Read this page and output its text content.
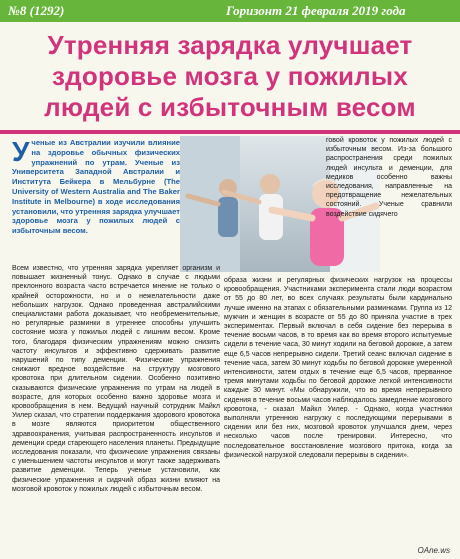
№8 (1292)	Горизонт 21 февраля 2019 года
Утренняя зарядка улучшает здоровье мозга у пожилых людей с избыточным весом
Ученые из Австралии изучили влияние на здоровье обычных физических упражнений по утрам. Ученые из Университета Западной Австралии и Института Бейкера в Мельбурне (The University of Western Australia and The Baker Institute in Melbourne) в ходе исследования установили, что утренняя зарядка улучшает здоровье мозга у пожилых людей с избыточным весом.
говой кровоток у пожилых людей с избыточным весом. Из-за большого распространения среди пожилых людей инсульта и деменции, для медиков особенно важны исследования, направленные на предотвращение нежелательных состояний. Ученые сравнили воздействие сидячего
Всем известно, что утренняя зарядка укрепляет организм и повышает жизненный тонус. Однако в случае с людьми преклонного возраста часто встречается мнение не только о крайней осторожности, но и о нежелательности даже небольших нагрузок. Однако проведенная австралийскими специалистами работа доказывает, что необременительные, но регулярные разминки в утреннее способны улучшить состояние мозга у пожилых людей с лишним весом. Кроме того, благодаря физическим упражнениям можно снизить частоту инсультов и эффективно сдерживать развитие нарушений по типу деменции. Физические упражнения снижают вредное воздействие на структуру мозгового кровотока при длительном сидении. Особенно позитивно сказываются физические упражнения по утрам на людей в возрасте, для которых особенно важно здоровье мозга и кровообращения в нем. Ведущий научный сотрудник Майкл Уилер сказал, что стратегии поддержания здорового кровотока в мозге являются приоритетом общественного здравоохранения, учитывая распространенность инсультов и деменции среди стареющего населения планеты. Предыдущие исследования показали, что физические упражнения связаны с уменьшением частоты инсультов и могут также задерживать развитие деменции. Теперь ученые установили, как физические упражнения и сидячий образ жизни влияют на мозговой кровоток у пожилых людей с избыточным весом.
образа жизни и регулярных физических нагрузок на процессы кровообращения. Участниками эксперимента стали люди возрастом от 55 до 80 лет, во всех случаях результаты были кардинально лучше именно на этапах с обязательными разминками. Группа из 12 мужчин и женщин в возрасте от 55 до 80 приняла участие в трех экспериментах. Первый включал в себя сидение без перерыва в течение восьми часов, в то время как во время второго испытуемые сидели в течение часа, 30 минут ходили на беговой дорожке, а затем еще 6,5 часов непрерывно сидели. Третий сеанс включал сидение в течение часа, затем 30 минут ходьбы по беговой дорожке умеренной интенсивности, затем отдых в течение еще 6,5 часов, прерванное тремя минутами ходьбы по беговой дорожке легкой интенсивности каждые 30 минут. «Мы обнаружили, что во время непрерывного сидения в течение восьми часов наблюдалось замедление мозгового кровотока, - сказал Майкл Уилер. - Однако, когда участники выполняли утреннюю нагрузку с последующими перерывами в сидении или без них, мозговой кровоток улучшался днем, через несколько часов после тренировки. Интересно, что последовательное восстановление мозгового притока, когда за физической нагрузкой следовали перерывы в сидении».
OAne.ws
